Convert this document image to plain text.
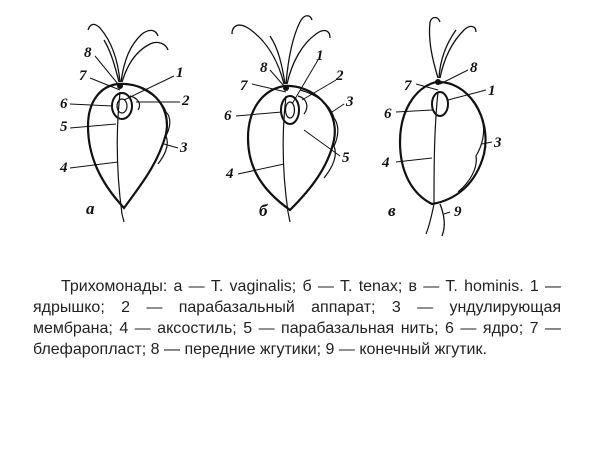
8
7	1
2
6
5
4
3
а
8
7
1
2
3
6
5
4
б
8
7	1
6
4
3
9
в

Трихомонады: а — T. vaginalis; б — T. tenax; в — T. hominis. 1 — ядрышко; 2 — парабазальный аппарат; 3 — ундулирующая мембрана; 4 — аксостиль; 5 — парабазальная нить; 6 — ядро; 7 — блефаропласт; 8 — передние жгутики; 9 — конечный жгутик.
